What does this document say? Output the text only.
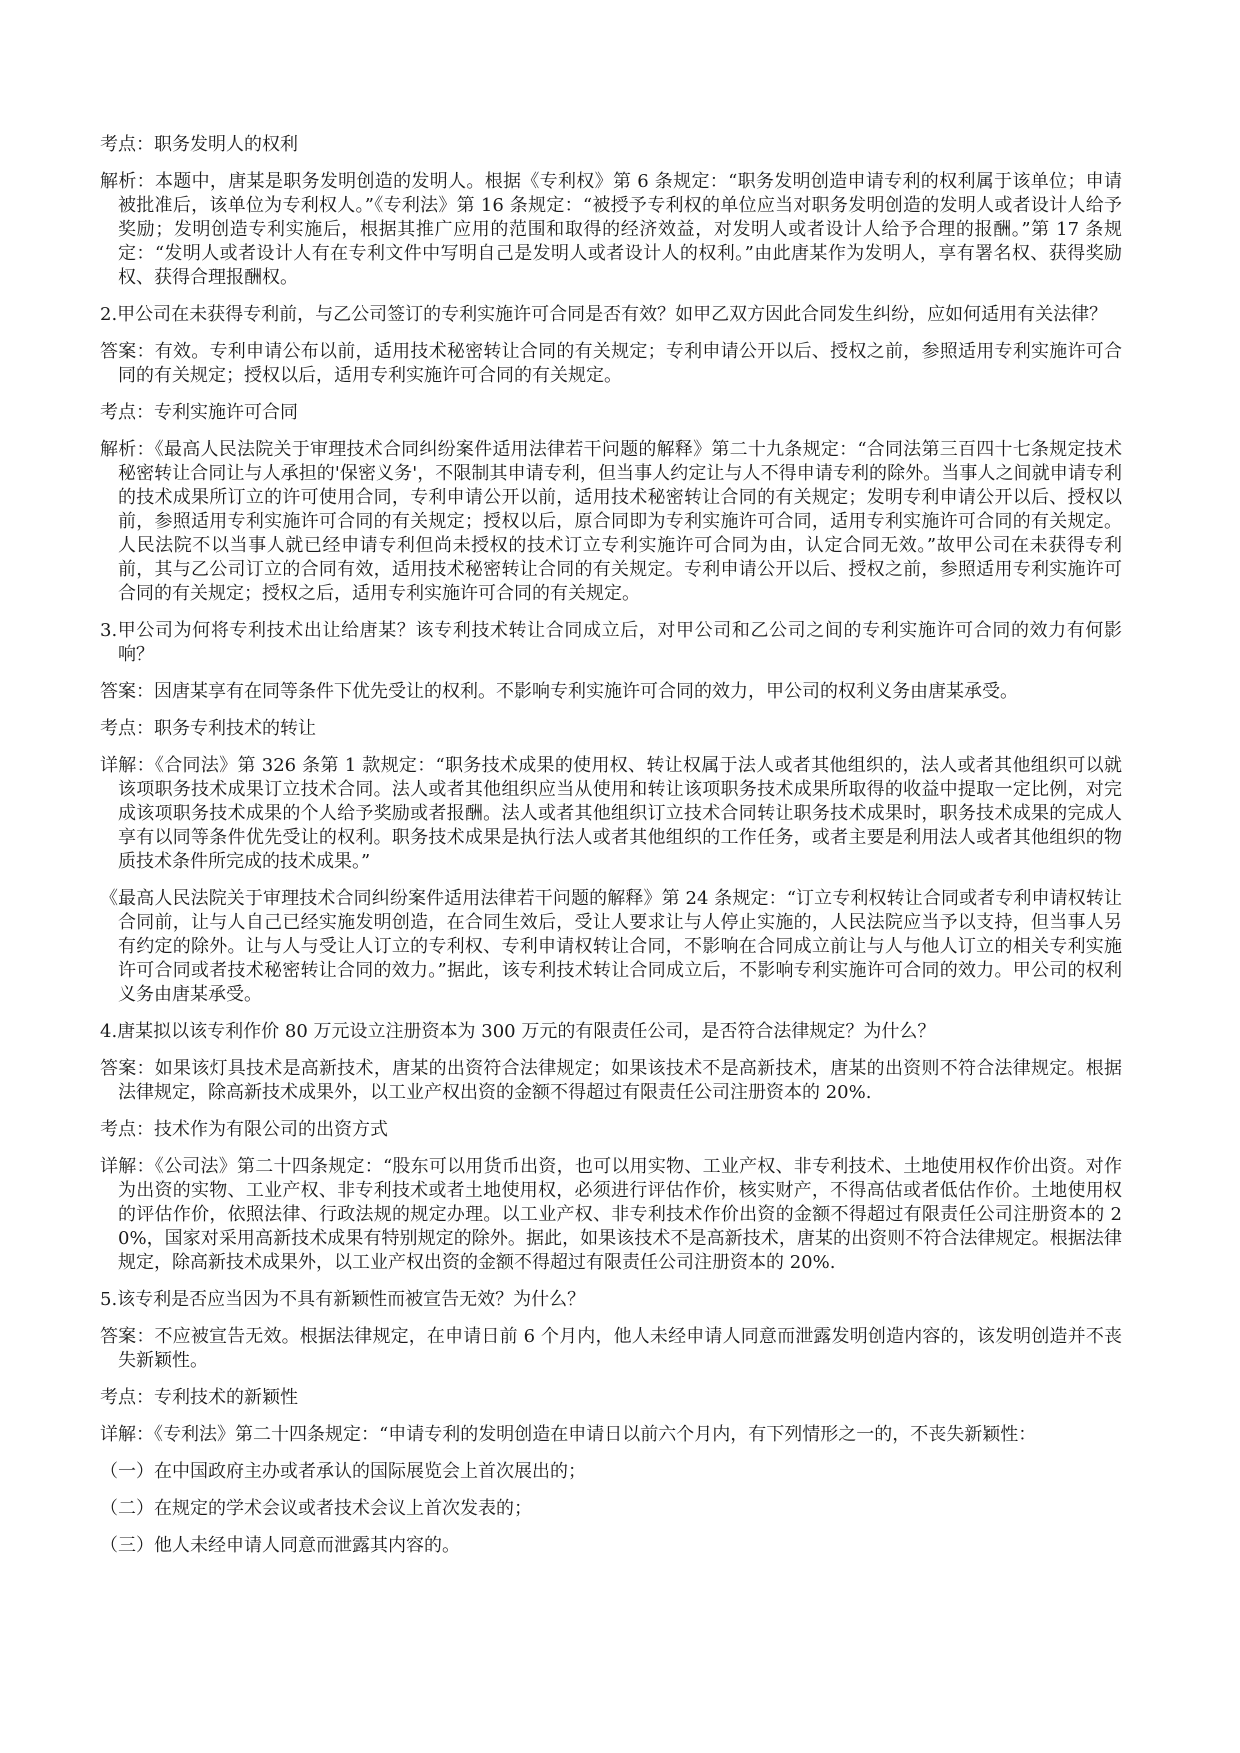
考点：职务发明人的权利

解析：本题中，唐某是职务发明创造的发明人。根据《专利权》第 6 条规定：“职务发明创造申请专利的权利属于该单位；申请被批准后，该单位为专利权人。”《专利法》第 16 条规定：“被授予专利权的单位应当对职务发明创造的发明人或者设计人给予奖励；发明创造专利实施后，根据其推广应用的范围和取得的经济效益，对发明人或者设计人给予合理的报酬。”第 17 条规定：“发明人或者设计人有在专利文件中写明自己是发明人或者设计人的权利。”由此唐某作为发明人，享有署名权、获得奖励权、获得合理报酬权。

2.甲公司在未获得专利前，与乙公司签订的专利实施许可合同是否有效？如甲乙双方因此合同发生纠纷，应如何适用有关法律？

答案：有效。专利申请公布以前，适用技术秘密转让合同的有关规定；专利申请公开以后、授权之前，参照适用专利实施许可合同的有关规定；授权以后，适用专利实施许可合同的有关规定。

考点：专利实施许可合同

解析：《最高人民法院关于审理技术合同纠纷案件适用法律若干问题的解释》第二十九条规定：“合同法第三百四十七条规定技术秘密转让合同让与人承担的'保密义务'，不限制其申请专利，但当事人约定让与人不得申请专利的除外。当事人之间就申请专利的技术成果所订立的许可使用合同，专利申请公开以前，适用技术秘密转让合同的有关规定；发明专利申请公开以后、授权以前，参照适用专利实施许可合同的有关规定；授权以后，原合同即为专利实施许可合同，适用专利实施许可合同的有关规定。人民法院不以当事人就已经申请专利但尚未授权的技术订立专利实施许可合同为由，认定合同无效。”故甲公司在未获得专利前，其与乙公司订立的合同有效，适用技术秘密转让合同的有关规定。专利申请公开以后、授权之前，参照适用专利实施许可合同的有关规定；授权之后，适用专利实施许可合同的有关规定。

3.甲公司为何将专利技术出让给唐某？该专利技术转让合同成立后，对甲公司和乙公司之间的专利实施许可合同的效力有何影响？

答案：因唐某享有在同等条件下优先受让的权利。不影响专利实施许可合同的效力，甲公司的权利义务由唐某承受。

考点：职务专利技术的转让

详解：《合同法》第 326 条第 1 款规定：“职务技术成果的使用权、转让权属于法人或者其他组织的，法人或者其他组织可以就该项职务技术成果订立技术合同。法人或者其他组织应当从使用和转让该项职务技术成果所取得的收益中提取一定比例，对完成该项职务技术成果的个人给予奖励或者报酬。法人或者其他组织订立技术合同转让职务技术成果时，职务技术成果的完成人享有以同等条件优先受让的权利。职务技术成果是执行法人或者其他组织的工作任务，或者主要是利用法人或者其他组织的物质技术条件所完成的技术成果。”

《最高人民法院关于审理技术合同纠纷案件适用法律若干问题的解释》第 24 条规定：“订立专利权转让合同或者专利申请权转让合同前，让与人自己已经实施发明创造，在合同生效后，受让人要求让与人停止实施的，人民法院应当予以支持，但当事人另有约定的除外。让与人与受让人订立的专利权、专利申请权转让合同，不影响在合同成立前让与人与他人订立的相关专利实施许可合同或者技术秘密转让合同的效力。”据此，该专利技术转让合同成立后，不影响专利实施许可合同的效力。甲公司的权利义务由唐某承受。

4.唐某拟以该专利作价 80 万元设立注册资本为 300 万元的有限责任公司，是否符合法律规定？为什么？

答案：如果该灯具技术是高新技术，唐某的出资符合法律规定；如果该技术不是高新技术，唐某的出资则不符合法律规定。根据法律规定，除高新技术成果外，以工业产权出资的金额不得超过有限责任公司注册资本的 20%.

考点：技术作为有限公司的出资方式

详解：《公司法》第二十四条规定：“股东可以用货币出资，也可以用实物、工业产权、非专利技术、土地使用权作价出资。对作为出资的实物、工业产权、非专利技术或者土地使用权，必须进行评估作价，核实财产，不得高估或者低估作价。土地使用权的评估作价，依照法律、行政法规的规定办理。以工业产权、非专利技术作价出资的金额不得超过有限责任公司注册资本的 20%，国家对采用高新技术成果有特别规定的除外。据此，如果该技术不是高新技术，唐某的出资则不符合法律规定。根据法律规定，除高新技术成果外，以工业产权出资的金额不得超过有限责任公司注册资本的 20%.

5.该专利是否应当因为不具有新颖性而被宣告无效？为什么？

答案：不应被宣告无效。根据法律规定，在申请日前 6 个月内，他人未经申请人同意而泄露发明创造内容的，该发明创造并不丧失新颖性。

考点：专利技术的新颖性

详解：《专利法》第二十四条规定：“申请专利的发明创造在申请日以前六个月内，有下列情形之一的，不丧失新颖性：

（一）在中国政府主办或者承认的国际展览会上首次展出的；

（二）在规定的学术会议或者技术会议上首次发表的；

（三）他人未经申请人同意而泄露其内容的。
